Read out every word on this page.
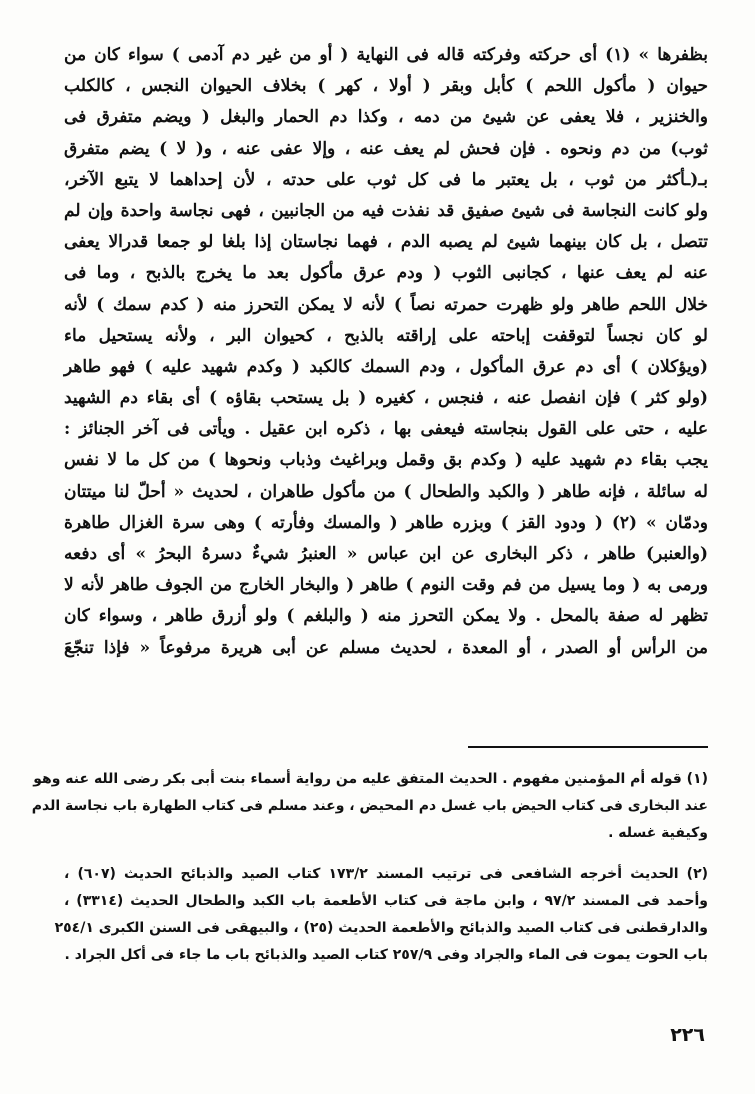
بظفرها » (١) أى حركته وفركته قاله فى النهاية ( أو من غير دم آدمى ) سواء كان من
حيوان ( مأكول اللحم ) كأبل وبقر ( أولا ، كهر ) بخلاف الحيوان النجس ، كالكلب
والخنزير ، فلا يعفى عن شيئ من دمه ، وكذا دم الحمار والبغل ( ويضم متفرق فى
ثوب) من دم ونحوه . فإن فحش لم يعف عنه ، وإلا عفى عنه ، و( لا ) يضم متفرق
بـ(ـأكثر من ثوب ، بل يعتبر ما فى كل ثوب على حدته ، لأن إحداهما لا يتبع الآخر،
ولو كانت النجاسة فى شيئ صفيق قد نفذت فيه من الجانبين ، فهى نجاسة واحدة وإن لم
تتصل ، بل كان بينهما شيئ لم يصبه الدم ، فهما نجاستان إذا بلغا لو جمعا قدرالا يعفى
عنه لم يعف عنها ، كجانبى الثوب ( ودم عرق مأكول بعد ما يخرج بالذبح ، وما فى
خلال اللحم طاهر ولو ظهرت حمرته نصاً ) لأنه لا يمكن التحرز منه ( كدم سمك ) لأنه
لو كان نجساً لتوقفت إباحته على إراقته بالذبح ، كحيوان البر ، ولأنه يستحيل ماء
(ويؤكلان ) أى دم عرق المأكول ، ودم السمك كالكبد ( وكدم شهيد عليه ) فهو طاهر
(ولو كثر ) فإن انفصل عنه ، فنجس ، كغيره ( بل يستحب بقاؤه ) أى بقاء دم الشهيد
عليه ، حتى على القول بنجاسته فيعفى بها ، ذكره ابن عقيل . ويأتى فى آخر الجنائز :
يجب بقاء دم شهيد عليه ( وكدم بق وقمل وبراغيث وذباب ونحوها ) من كل ما لا نفس
له سائلة ، فإنه طاهر ( والكبد والطحال ) من مأكول طاهران ، لحديث « أحلّ لنا ميتتان
ودمّان » (٢) ( ودود القز ) وبزره طاهر ( والمسك وفأرته ) وهى سرة الغزال طاهرة
(والعنبر) طاهر ، ذكر البخارى عن ابن عباس « العنبرُ شيءٌ دسرهُ البحرُ » أى دفعه
ورمى به ( وما يسيل من فم وقت النوم ) طاهر ( والبخار الخارج من الجوف طاهر لأنه لا
تظهر له صفة بالمحل . ولا يمكن التحرز منه ( والبلغم ) ولو أزرق طاهر ، وسواء كان
من الرأس أو الصدر ، أو المعدة ، لحديث مسلم عن أبى هريرة مرفوعاً « فإذا تنجّعَ
(١) قوله أم المؤمنين مفهوم . الحديث المتفق عليه من رواية أسماء بنت أبى بكر رضى الله عنه وهو
عند البخارى فى كتاب الحيض باب غسل دم المحيض ، وعند مسلم فى كتاب الطهارة باب نجاسة الدم
وكيفية غسله .
(٢) الحديث أخرجه الشافعى فى ترتيب المسند ١٧٣/٢ كتاب الصيد والذبائح الحديث (٦٠٧) ،
وأحمد فى المسند ٩٧/٢ ، وابن ماجة فى كتاب الأطعمة باب الكبد والطحال الحديث (٣٣١٤) ،
والدارقطنى فى كتاب الصيد والذبائح والأطعمة الحديث (٢٥) ، والبيهقى فى السنن الكبرى ٢٥٤/١
باب الحوت يموت فى الماء والجراد وفى ٢٥٧/٩ كتاب الصيد والذبائح باب ما جاء فى أكل الجراد .
٢٢٦
